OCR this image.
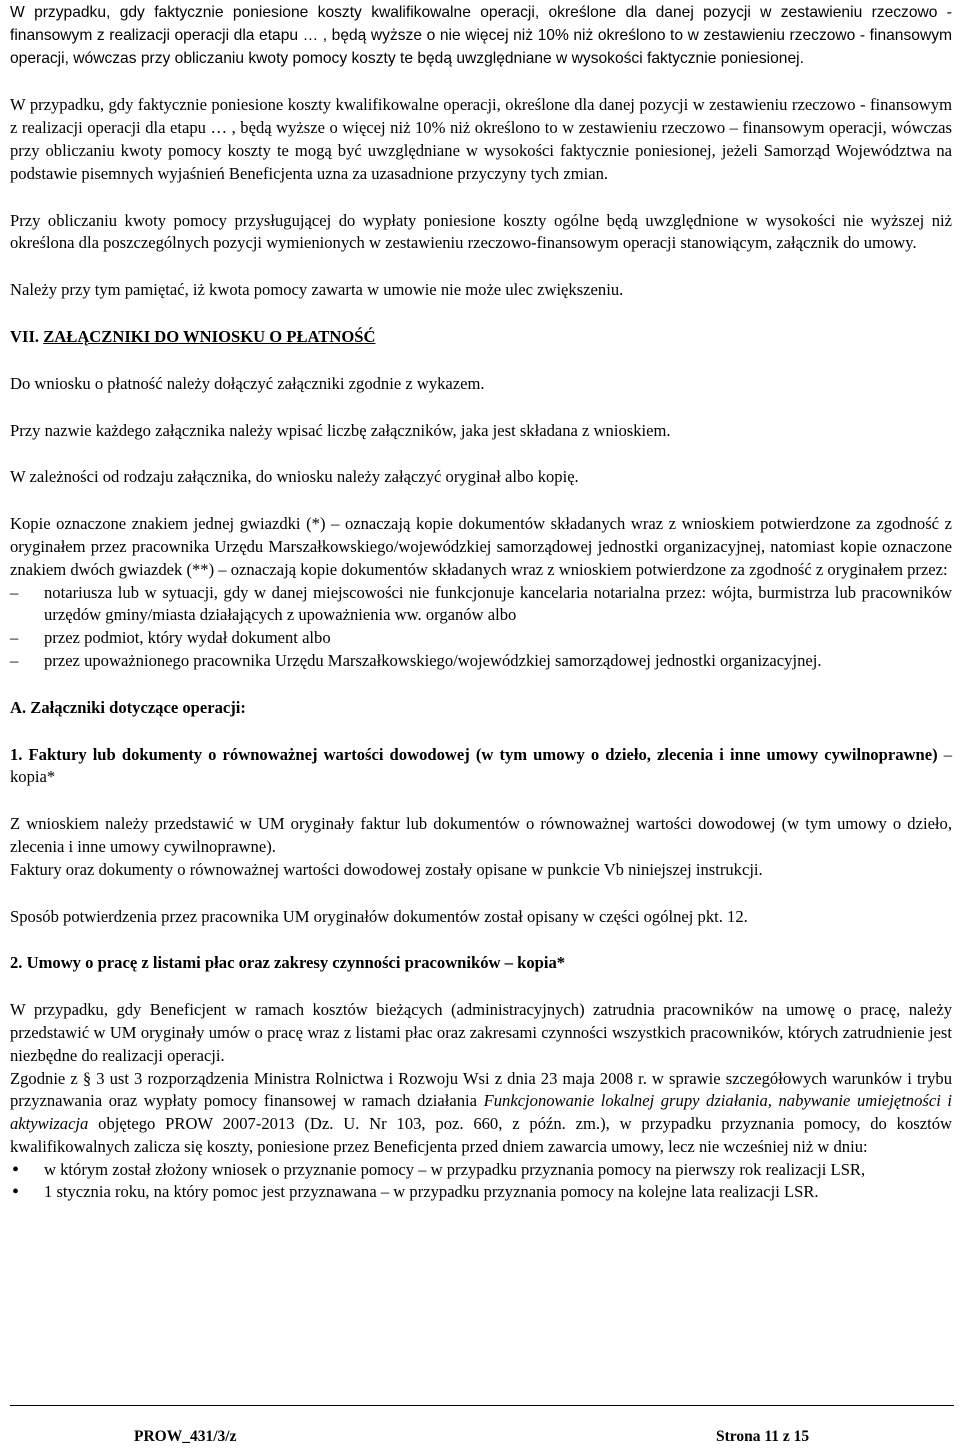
W przypadku, gdy faktycznie poniesione koszty kwalifikowalne operacji, określone dla danej pozycji w zestawieniu rzeczowo - finansowym z realizacji operacji dla etapu … , będą wyższe o nie więcej niż 10% niż określono to w zestawieniu rzeczowo - finansowym operacji, wówczas przy obliczaniu kwoty pomocy koszty te będą uwzględniane w wysokości faktycznie poniesionej.

W przypadku, gdy faktycznie poniesione koszty kwalifikowalne operacji, określone dla danej pozycji w zestawieniu rzeczowo - finansowym z realizacji operacji dla etapu … , będą wyższe o więcej niż 10% niż określono to w zestawieniu rzeczowo – finansowym operacji, wówczas przy obliczaniu kwoty pomocy koszty te mogą być uwzględniane w wysokości faktycznie poniesionej, jeżeli Samorząd Województwa na podstawie pisemnych wyjaśnień Beneficjenta uzna za uzasadnione przyczyny tych zmian.

Przy obliczaniu kwoty pomocy przysługującej do wypłaty poniesione koszty ogólne będą uwzględnione w wysokości nie wyższej niż określona dla poszczególnych pozycji wymienionych w zestawieniu rzeczowo-finansowym operacji stanowiącym, załącznik do umowy.

Należy przy tym pamiętać, iż kwota pomocy zawarta w umowie nie może ulec zwiększeniu.

VII. ZAŁĄCZNIKI DO WNIOSKU O PŁATNOŚĆ

Do wniosku o płatność należy dołączyć załączniki zgodnie z wykazem.

Przy nazwie każdego załącznika należy wpisać liczbę załączników, jaka jest składana z wnioskiem.

W zależności od rodzaju załącznika, do wniosku należy załączyć oryginał albo kopię.

Kopie oznaczone znakiem jednej gwiazdki (*) – oznaczają kopie dokumentów składanych wraz z wnioskiem potwierdzone za zgodność z oryginałem przez pracownika Urzędu Marszałkowskiego/wojewódzkiej samorządowej jednostki organizacyjnej, natomiast kopie oznaczone znakiem dwóch gwiazdek (**) – oznaczają kopie dokumentów składanych wraz z wnioskiem potwierdzone za zgodność z oryginałem przez:

– notariusza lub w sytuacji, gdy w danej miejscowości nie funkcjonuje kancelaria notarialna przez: wójta, burmistrza lub pracowników urzędów gminy/miasta działających z upoważnienia ww. organów albo
– przez podmiot, który wydał dokument albo
– przez upoważnionego pracownika Urzędu Marszałkowskiego/wojewódzkiej samorządowej jednostki organizacyjnej.

A. Załączniki dotyczące operacji:

1. Faktury lub dokumenty o równoważnej wartości dowodowej (w tym umowy o dzieło, zlecenia i inne umowy cywilnoprawne) – kopia*

Z wnioskiem należy przedstawić w UM oryginały faktur lub dokumentów o równoważnej wartości dowodowej (w tym umowy o dzieło, zlecenia i inne umowy cywilnoprawne).

Faktury oraz dokumenty o równoważnej wartości dowodowej zostały opisane w punkcie Vb niniejszej instrukcji.

Sposób potwierdzenia przez pracownika UM oryginałów dokumentów został opisany w części ogólnej pkt. 12.

2. Umowy o pracę z listami płac oraz zakresy czynności pracowników – kopia*

W przypadku, gdy Beneficjent w ramach kosztów bieżących (administracyjnych) zatrudnia pracowników na umowę o pracę, należy przedstawić w UM oryginały umów o pracę wraz z listami płac oraz zakresami czynności wszystkich pracowników, których zatrudnienie jest niezbędne do realizacji operacji.

Zgodnie z § 3 ust 3 rozporządzenia Ministra Rolnictwa i Rozwoju Wsi z dnia 23 maja 2008 r. w sprawie szczegółowych warunków i trybu przyznawania oraz wypłaty pomocy finansowej w ramach działania Funkcjonowanie lokalnej grupy działania, nabywanie umiejętności i aktywizacja objętego PROW 2007-2013 (Dz. U. Nr 103, poz. 660, z późn. zm.), w przypadku przyznania pomocy, do kosztów kwalifikowalnych zalicza się koszty, poniesione przez Beneficjenta przed dniem zawarcia umowy, lecz nie wcześniej niż w dniu:

• w którym został złożony wniosek o przyznanie pomocy – w przypadku przyznania pomocy na pierwszy rok realizacji LSR,
• 1 stycznia roku, na który pomoc jest przyznawana – w przypadku przyznania pomocy na kolejne lata realizacji LSR.
PROW_431/3/z	Strona 11 z 15
